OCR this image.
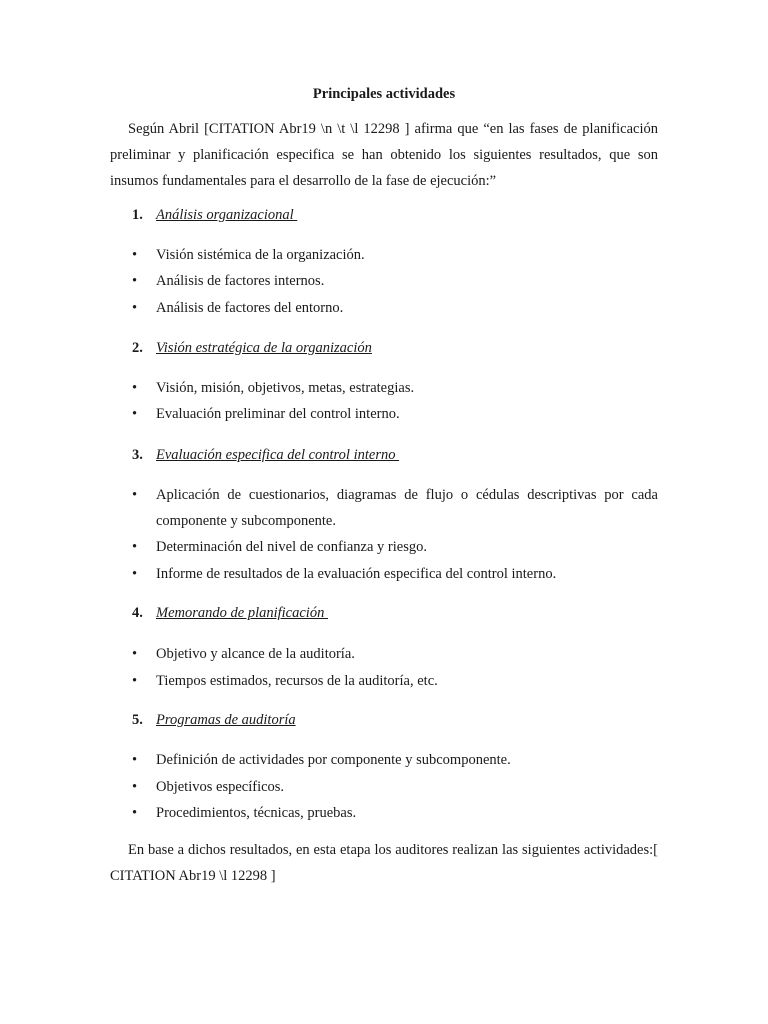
Principales actividades

Según Abril [CITATION Abr19 \n \t \l 12298 ] afirma que “en las fases de planificación preliminar y planificación especifica se han obtenido los siguientes resultados, que son insumos fundamentales para el desarrollo de la fase de ejecución:”

1. Análisis organizacional
•	Visión sistémica de la organización.
•	Análisis de factores internos.
•	Análisis de factores del entorno.
2. Visión estratégica de la organización
•	Visión, misión, objetivos, metas, estrategias.
•	Evaluación preliminar del control interno.
3. Evaluación especifica del control interno
•	Aplicación de cuestionarios, diagramas de flujo o cédulas descriptivas por cada componente y subcomponente.
•	Determinación del nivel de confianza y riesgo.
•	Informe de resultados de la evaluación especifica del control interno.
4. Memorando de planificación
•	Objetivo y alcance de la auditoría.
•	Tiempos estimados, recursos de la auditoría, etc.
5. Programas de auditoría
•	Definición de actividades por componente y subcomponente.
•	Objetivos específicos.
•	Procedimientos, técnicas, pruebas.

En base a dichos resultados, en esta etapa los auditores realizan las siguientes actividades:[ CITATION Abr19 \l 12298 ]
